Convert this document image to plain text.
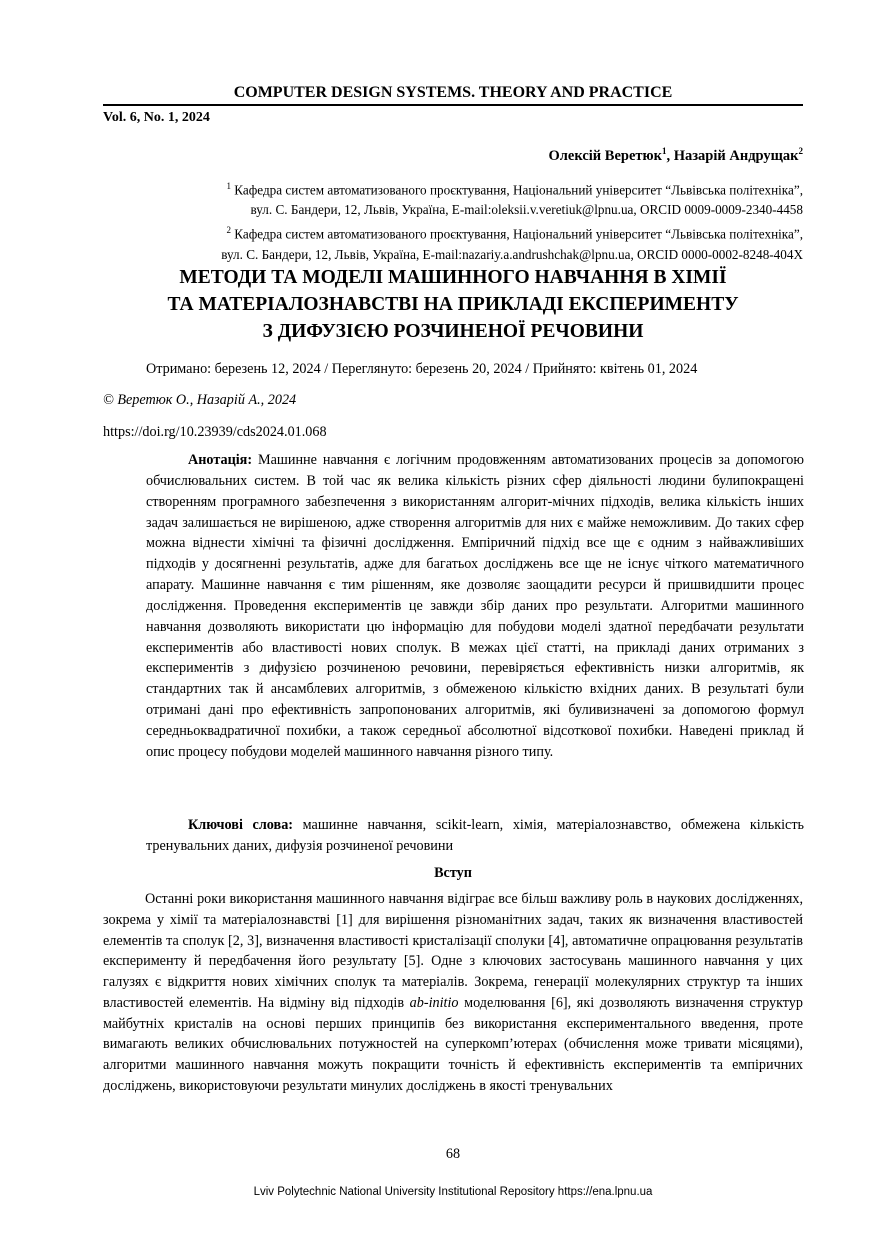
COMPUTER DESIGN SYSTEMS. THEORY AND PRACTICE
Vol. 6, No. 1, 2024
Олексій Веретюк$^1$, Назарій Андрущак$^2$

$^1$ Кафедра систем автоматизованого проєктування, Національний університет “Львівська політехніка”,

вул. С. Бандери, 12, Львів, Україна, E-mail:oleksii.v.veretiuk@lpnu.ua, ORCID 0009-0009-2340-4458

$^2$ Кафедра систем автоматизованого проєктування, Національний університет “Львівська політехніка”,

вул. С. Бандери, 12, Львів, Україна, E-mail:nazariy.a.andrushchak@lpnu.ua, ORCID 0000-0002-8248-404X

МЕТОДИ ТА МОДЕЛІ МАШИННОГО НАВЧАННЯ В ХІМІЇ
ТА МАТЕРІАЛОЗНАВСТВІ НА ПРИКЛАДІ ЕКСПЕРИМЕНТУ
З ДИФУЗІЄЮ РОЗЧИНЕНОЇ РЕЧОВИНИ
Отримано: березень 12, 2024 / Переглянуто: березень 20, 2024 / Прийнято: квітень 01, 2024
© Веретюк О., Назарій А., 2024
https://doi.rg/10.23939/cds2024.01.068

Анотація: Машинне навчання є логічним продовженням автоматизованих процесів за допомогою обчислювальних систем. В той час як велика кількість різних сфер діяльності людини булипокращені створенням програмного забезпечення з використанням алгорит-мічних підходів, велика кількість інших задач залишається не вирішеною, адже створення алгоритмів для них є майже неможливим. До таких сфер можна віднести хімічні та фізичні дослідження. Емпіричний підхід все ще є одним з найважливіших підходів у досягненні результатів, адже для багатьох досліджень все ще не існує чіткого математичного апарату. Машинне навчання є тим рішенням, яке дозволяє заощадити ресурси й пришвидшити процес дослідження. Проведення експериментів це завжди збір даних про результати. Алгоритми машинного навчання дозволяють використати цю інформацію для побудови моделі здатної передбачати результати експериментів або властивості нових сполук. В межах цієї статті, на прикладі даних отриманих з експериментів з дифузією розчиненою речовини, перевіряється ефективність низки алгоритмів, як стандартних так й ансамблевих алгоритмів, з обмеженою кількістю вхідних даних. В результаті були отримані дані про ефективність запропонованих алгоритмів, які буливизначені за допомогою формул середньоквадратичної похибки, а також середньої абсолютної відсоткової похибки. Наведені приклад й опис процесу побудови моделей машинного навчання різного типу.

Ключові слова: машинне навчання, scikit-learn, хімія, матеріалознавство, обмежена кількість тренувальних даних, дифузія розчиненої речовини

Вступ

Останні роки використання машинного навчання відіграє все більш важливу роль в наукових дослідженнях, зокрема у хімії та матеріалознавстві [1] для вирішення різноманітних задач, таких як визначення властивостей елементів та сполук [2, 3], визначення властивості кристалізації сполуки [4], автоматичне опрацювання результатів експерименту й передбачення його результату [5]. Одне з ключових застосувань машинного навчання у цих галузях є відкриття нових хімічних сполук та матеріалів. Зокрема, генерації молекулярних структур та інших властивостей елементів. На відміну від підходів ab-initio моделювання [6], які дозволяють визначення структур майбутніх кристалів на основі перших принципів без використання експериментального введення, проте вимагають великих обчислювальних потужностей на суперкомп’ютерах (обчислення може тривати місяцями), алгоритми машинного навчання можуть покращити точність й ефективність експериментів та емпіричних досліджень, використовуючи результати минулих досліджень в якості тренувальних

68
Lviv Polytechnic National University Institutional Repository https://ena.lpnu.ua
